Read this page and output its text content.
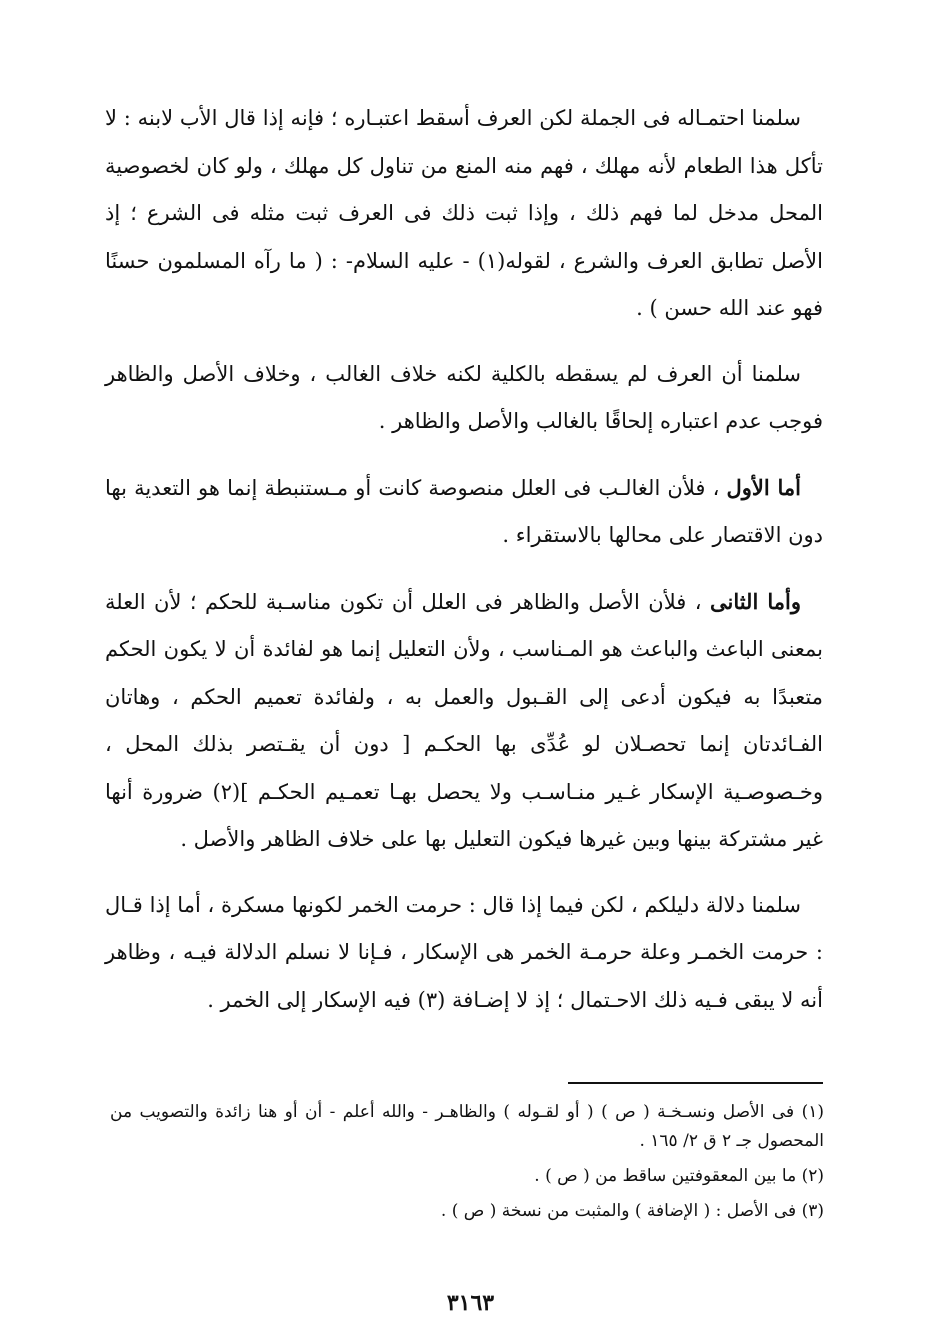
سلمنا احتمـاله فى الجملة لكن العرف أسقط اعتبـاره ؛ فإنه إذا قال الأب لابنه : لا تأكل هذا الطعام لأنه مهلك ، فهم منه المنع من تناول كل مهلك ، ولو كان لخصوصية المحل مدخل لما فهم ذلك ، وإذا ثبت ذلك فى العرف ثبت مثله فى الشرع ؛ إذ الأصل تطابق العرف والشرع ، لقوله(١) - عليه السلام- : ( ما رآه المسلمون حسنًا فهو عند الله حسن ) .

سلمنا أن العرف لم يسقطه بالكلية لكنه خلاف الغالب ، وخلاف الأصل والظاهر فوجب عدم اعتباره إلحاقًا بالغالب والأصل والظاهر .

أما الأول ، فلأن الغالـب فى العلل منصوصة كانت أو مـستنبطة إنما هو التعدية بها دون الاقتصار على محالها بالاستقراء .

وأما الثانى ، فلأن الأصل والظاهر فى العلل أن تكون مناسـبة للحكم ؛ لأن العلة بمعنى الباعث والباعث هو المـناسب ، ولأن التعليل إنما هو لفائدة أن لا يكون الحكم متعبدًا به فيكون أدعى إلى القـبول والعمل به ، ولفائدة تعميم الحكم ، وهاتان الفـائدتان إنما تحصـلان لو عُدِّى بها الحكـم [ دون أن يقـتصر بذلك المحل ، وخـصوصـية الإسكار غـير منـاسـب ولا يحصل بهـا تعمـيم الحكـم ](٢) ضرورة أنها غير مشتركة بينها وبين غيرها فيكون التعليل بها على خلاف الظاهر والأصل .

سلمنا دلالة دليلكم ، لكن فيما إذا قال : حرمت الخمر لكونها مسكرة ، أما إذا قـال : حرمت الخمـر وعلة حرمـة الخمر هى الإسكار ، فـإنا لا نسلم الدلالة فيـه ، وظاهر أنه لا يبقى فـيه ذلك الاحـتمال ؛ إذ لا إضـافة (٣) فيه الإسكار إلى الخمر .

(١) فى الأصل ونسـخـة ( ص ) ( أو لقـوله ) والظاهـر - والله أعلم - أن أو هنا زائدة والتصويب من المحصول جـ ٢ ق ٢/ ١٦٥ .

(٢) ما بين المعقوفتين ساقط من ( ص ) .

(٣) فى الأصل : ( الإضافة ) والمثبت من نسخة ( ص ) .

٣١٦٣
